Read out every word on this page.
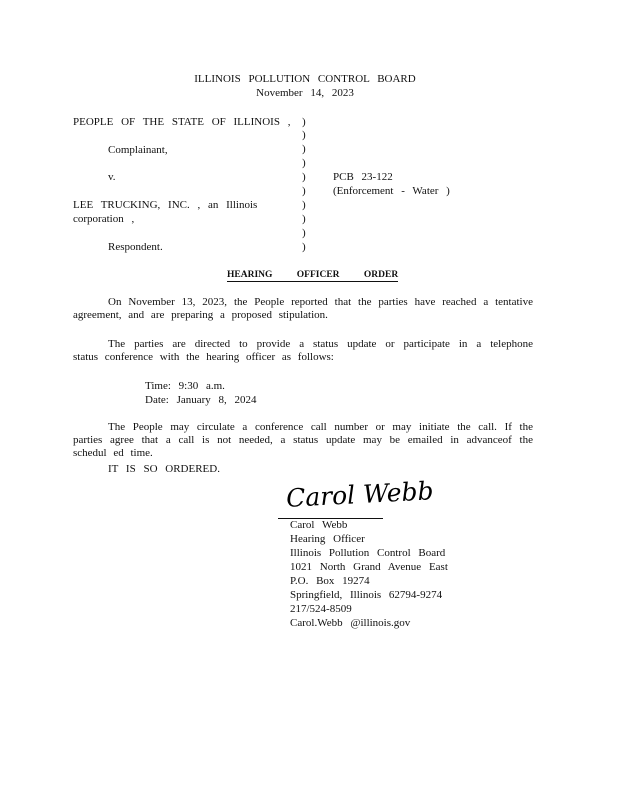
ILLINOIS POLLUTION CONTROL BOARD
November 14, 2023
PEOPLE OF THE STATE OF ILLINOIS ,
Complainant,
v.
LEE TRUCKING, INC. , an Illinois
corporation ,
Respondent.
)
)
)
)
)
)
)
)
)
)
PCB 23-122
(Enforcement - Water )
HEARING OFFICER ORDER
On November 13, 2023, the People reported that the parties have reached a tentative agreement, and are preparing a proposed stipulation.
The parties are directed to provide a status update or participate in a telephone status conference with the hearing officer as follows:
Time: 9:30 a.m.
Date: January 8, 2024
The People may circulate a conference call number or may initiate the call. If the parties agree that a call is not needed, a status update may be emailed in advanceof the schedul ed time.
IT IS SO ORDERED.
Carol Webb
Carol Webb
Hearing Officer
Illinois Pollution Control Board
1021 North Grand Avenue East
P.O. Box 19274
Springfield, Illinois 62794-9274
217/524-8509
Carol.Webb @illinois.gov
